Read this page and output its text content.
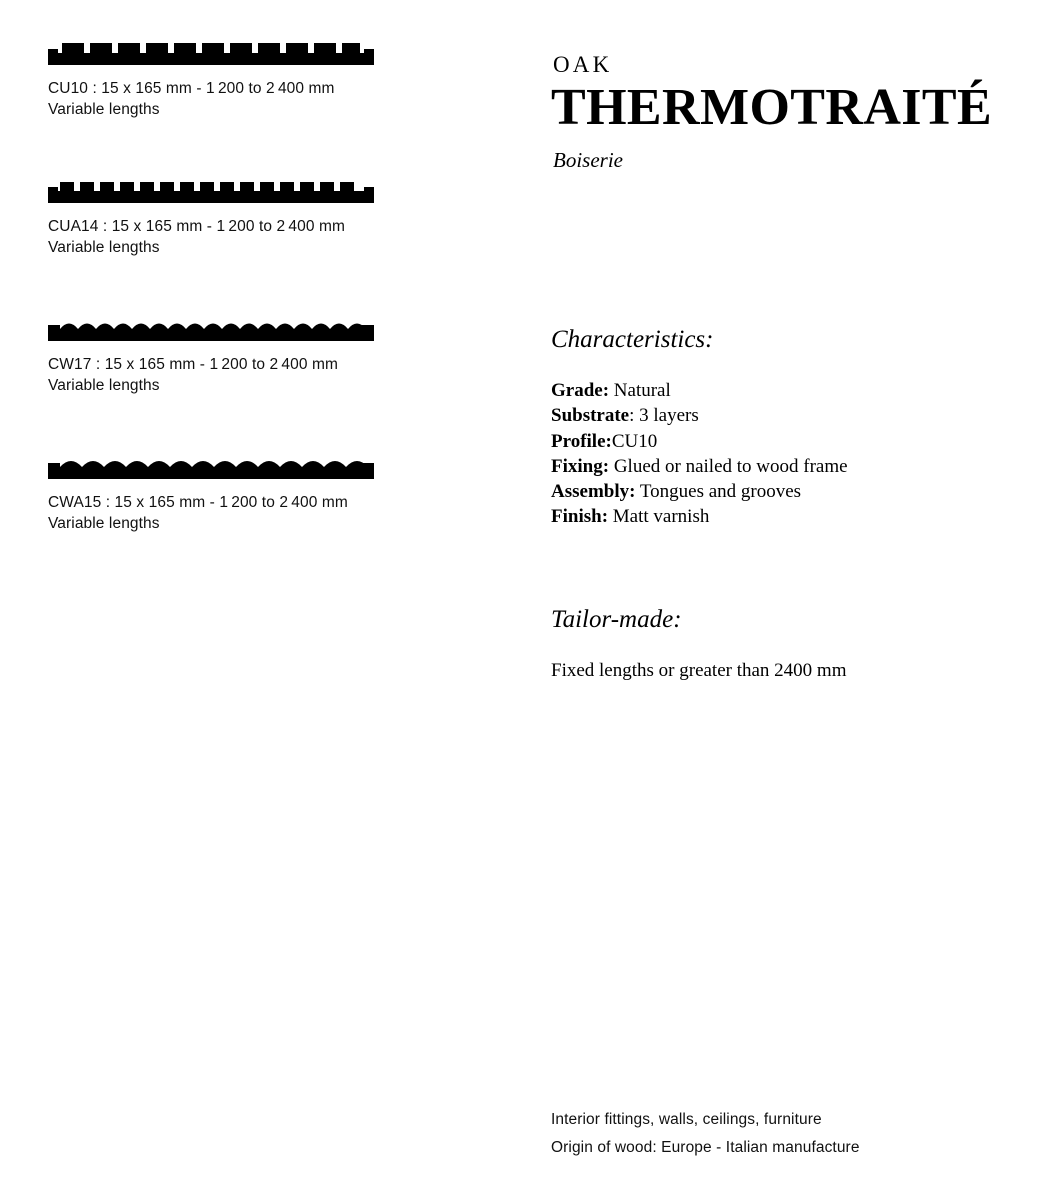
CU10 : 15 x 165 mm - 1 200 to 2 400 mm
Variable lengths
CUA14 : 15 x 165 mm - 1 200 to 2 400 mm
Variable lengths
CW17 : 15 x 165 mm - 1 200 to 2 400 mm
Variable lengths
CWA15 : 15 x 165 mm - 1 200 to 2 400 mm
Variable lengths
OAK
THERMOTRAITÉ
Boiserie
Characteristics:
Grade: Natural
Substrate: 3 layers
Profile:CU10
Fixing: Glued or nailed to wood frame
Assembly: Tongues and grooves
Finish: Matt varnish
Tailor-made:
Fixed lengths or greater than 2400 mm
Interior fittings, walls, ceilings, furniture
Origin of wood: Europe - Italian manufacture
